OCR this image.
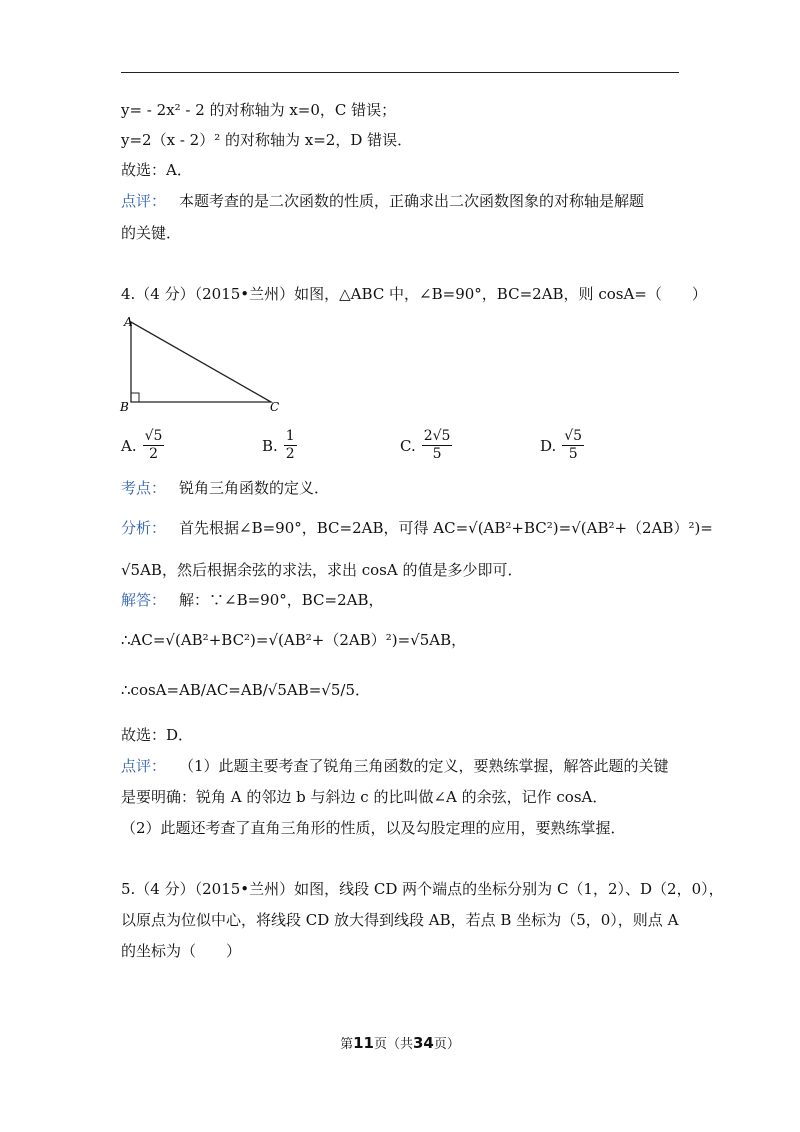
y= - 2x² - 2 的对称轴为 x=0，C 错误；
y=2（x - 2）² 的对称轴为 x=2，D 错误．
故选：A．
点评： 本题考查的是二次函数的性质，正确求出二次函数图象的对称轴是解题
的关键．
4.（4 分）（2015•兰州）如图，△ABC 中，∠B=90°，BC=2AB，则 cosA=（　　）
A
B	C
A. $\frac{√5}{2}$	B. $\frac{1}{2}$	C. $\frac{2√5}{5}$	D. $\frac{√5}{5}$
考点： 锐角三角函数的定义．
分析： 首先根据∠B=90°，BC=2AB，可得 AC=√(AB²+BC²)=√(AB²+（2AB）²)=
√5AB，然后根据余弦的求法，求出 cosA 的值是多少即可．
解答： 解：∵∠B=90°，BC=2AB，
∴AC=√(AB²+BC²)=√(AB²+（2AB）²)=√5AB，
∴cosA=AB/AC=AB/√5AB=√5/5．
故选：D．
点评： （1）此题主要考查了锐角三角函数的定义，要熟练掌握，解答此题的关键
是要明确：锐角 A 的邻边 b 与斜边 c 的比叫做∠A 的余弦，记作 cosA．
（2）此题还考查了直角三角形的性质，以及勾股定理的应用，要熟练掌握．
5.（4 分）（2015•兰州）如图，线段 CD 两个端点的坐标分别为 C（1，2）、D（2，0），
以原点为位似中心，将线段 CD 放大得到线段 AB，若点 B 坐标为（5，0），则点 A
的坐标为（　　）
第11页（共34页）
